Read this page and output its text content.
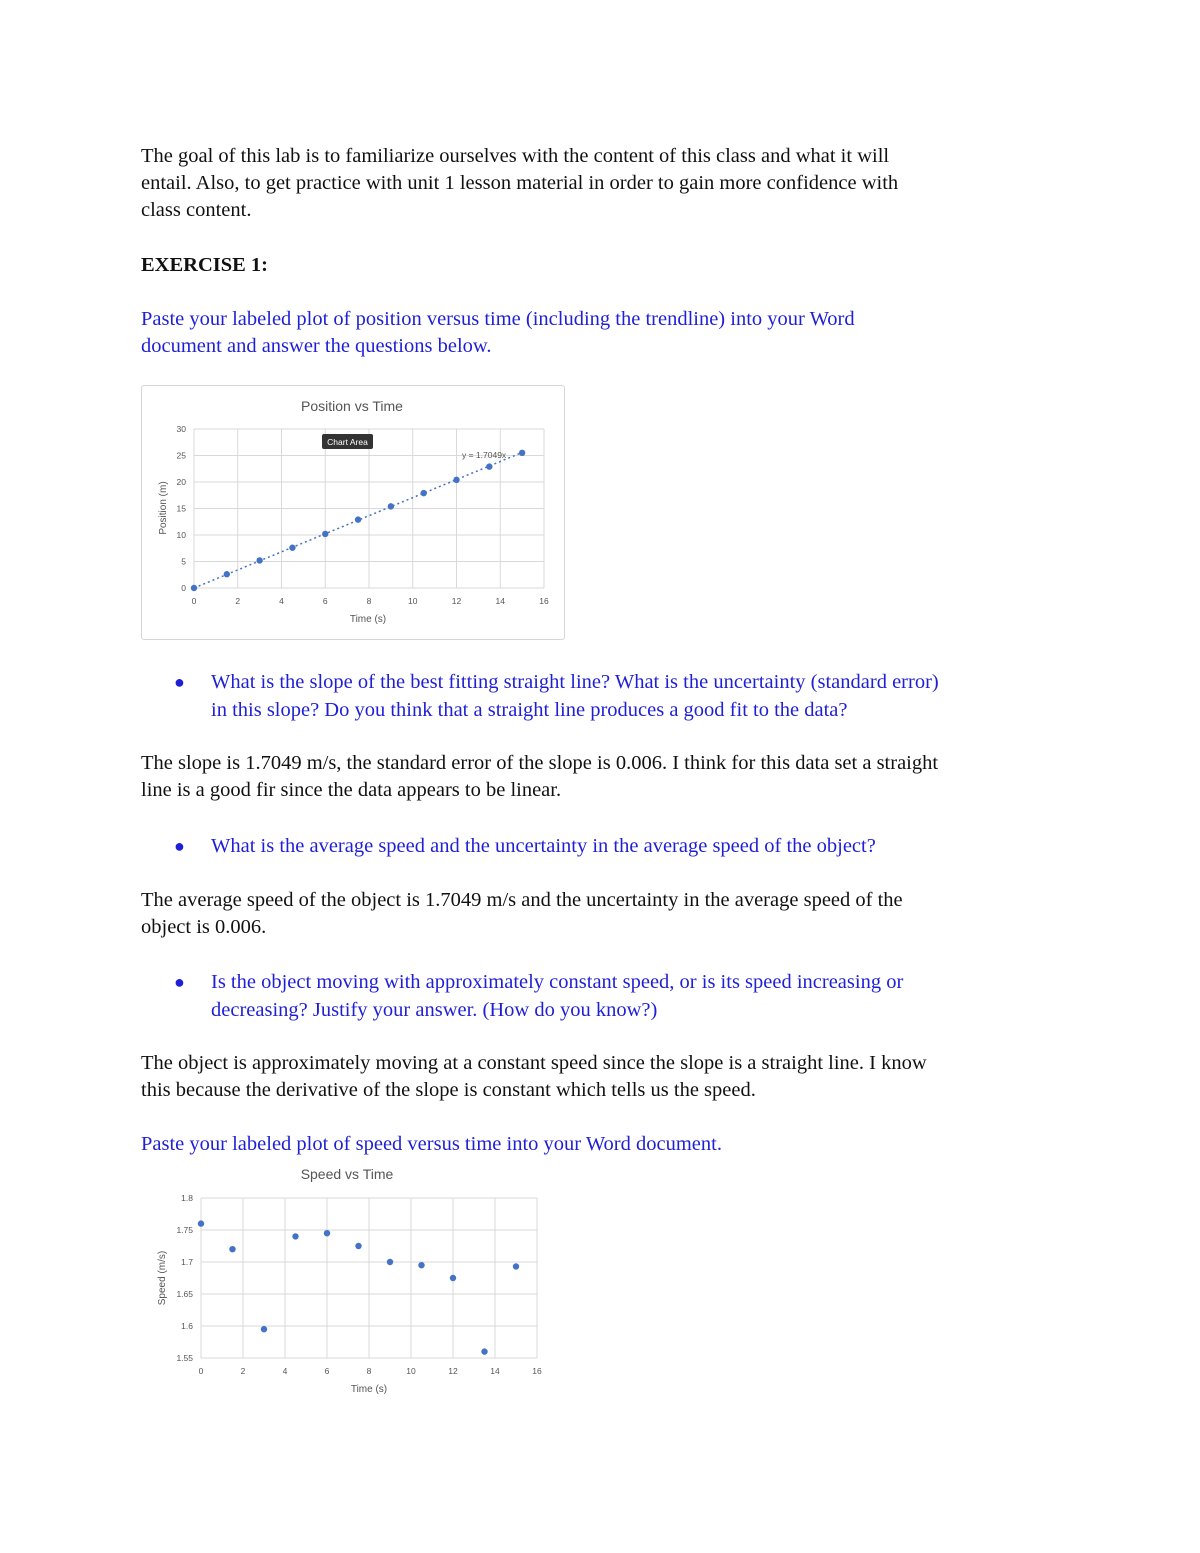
The goal of this lab is to familiarize ourselves with the content of this class and what it will

entail. Also, to get practice with unit 1 lesson material in order to gain more confidence with

class content.

EXERCISE 1:

Paste your labeled plot of position versus time (including the trendline) into your Word

document and answer the questions below.

Position vs Time
0
5
10
15
20
25
30
0	2	4	6	8	10	12	14	16
y = 1.7049x
Chart Area
Time (s)
Position (m)
● What is the slope of the best fitting straight line? What is the uncertainty (standard error)

in this slope? Do you think that a straight line produces a good fit to the data?

The slope is 1.7049 m/s, the standard error of the slope is 0.006. I think for this data set a straight

line is a good fir since the data appears to be linear.

● What is the average speed and the uncertainty in the average speed of the object?

The average speed of the object is 1.7049 m/s and the uncertainty in the average speed of the

object is 0.006.

● Is the object moving with approximately constant speed, or is its speed increasing or

decreasing? Justify your answer. (How do you know?)

The object is approximately moving at a constant speed since the slope is a straight line. I know

this because the derivative of the slope is constant which tells us the speed.

Paste your labeled plot of speed versus time into your Word document.

Speed vs Time
1.55
1.6
1.65
1.7
1.75
1.8
0	2	4	6	8	10	12	14	16
Time (s)
Speed (m/s)
